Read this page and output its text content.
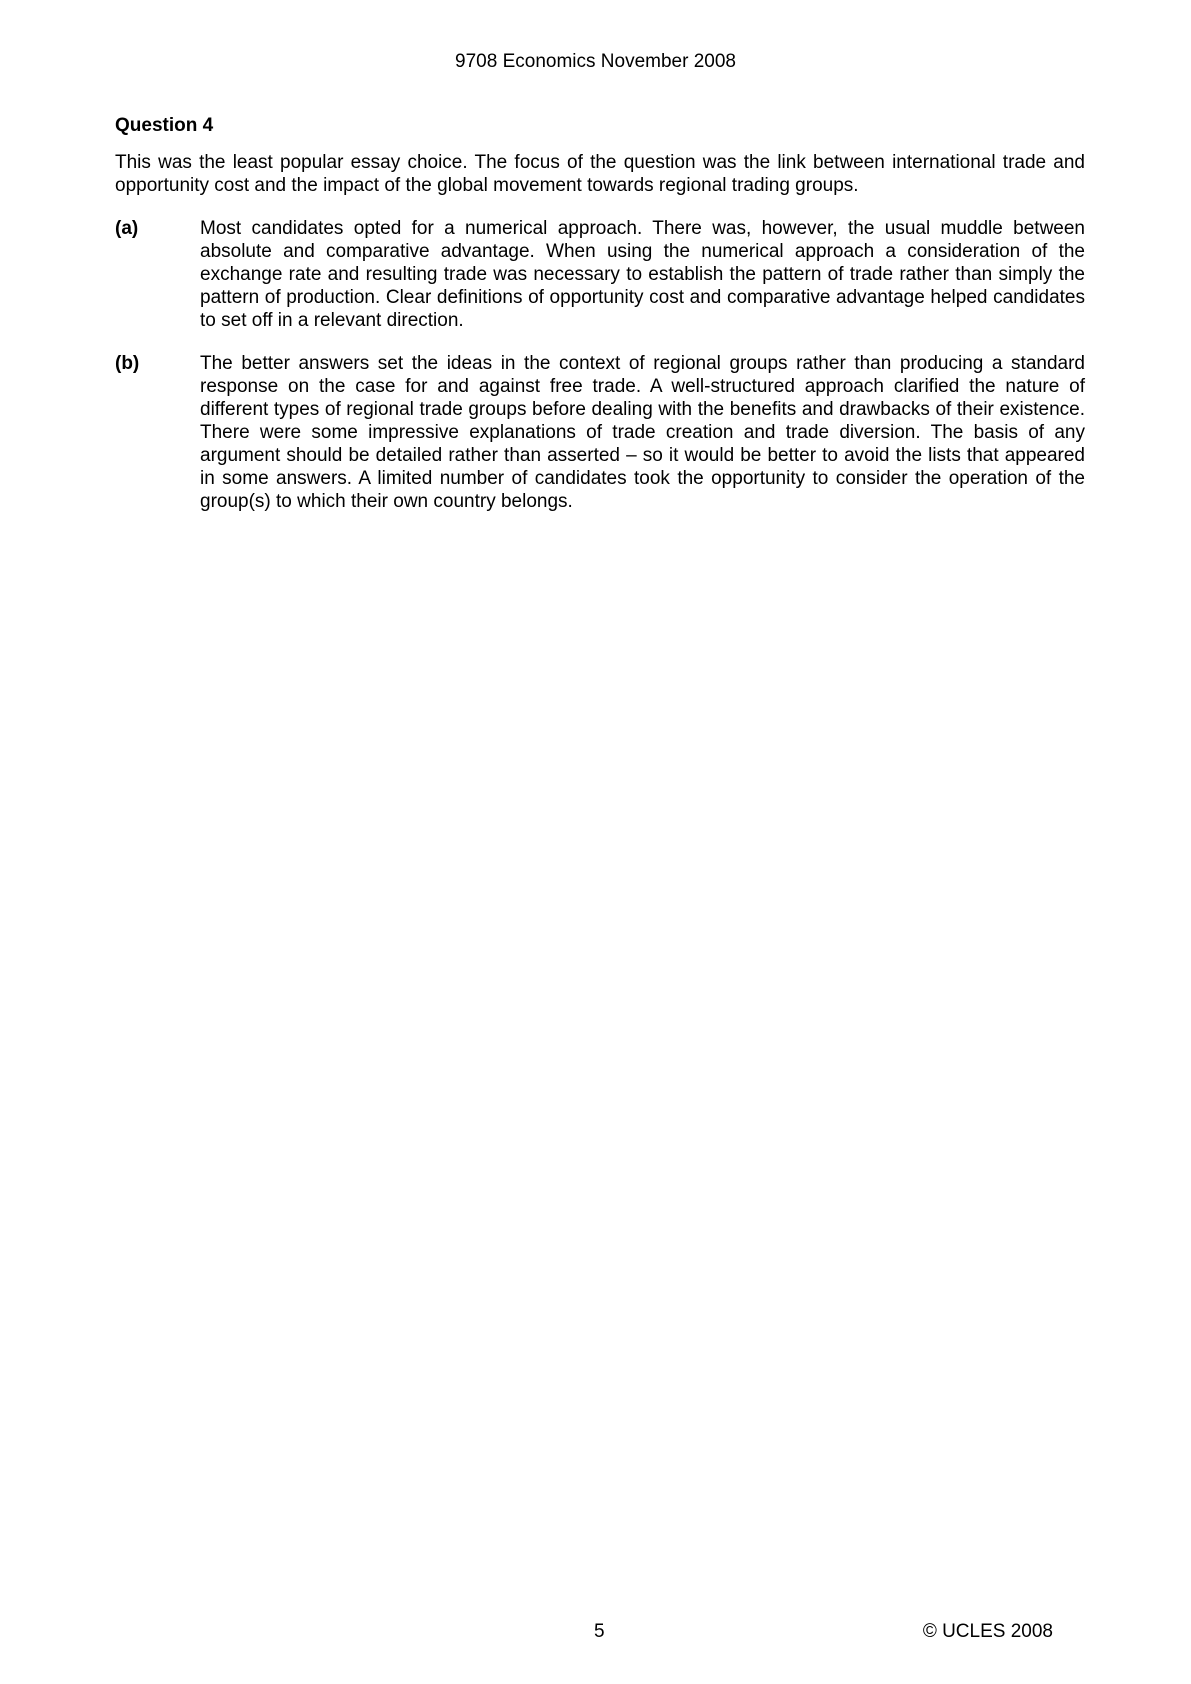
9708 Economics November 2008
Question 4
This was the least popular essay choice. The focus of the question was the link between international trade and opportunity cost and the impact of the global movement towards regional trading groups.
(a)	Most candidates opted for a numerical approach. There was, however, the usual muddle between absolute and comparative advantage. When using the numerical approach a consideration of the exchange rate and resulting trade was necessary to establish the pattern of trade rather than simply the pattern of production. Clear definitions of opportunity cost and comparative advantage helped candidates to set off in a relevant direction.
(b)	The better answers set the ideas in the context of regional groups rather than producing a standard response on the case for and against free trade. A well-structured approach clarified the nature of different types of regional trade groups before dealing with the benefits and drawbacks of their existence. There were some impressive explanations of trade creation and trade diversion. The basis of any argument should be detailed rather than asserted – so it would be better to avoid the lists that appeared in some answers. A limited number of candidates took the opportunity to consider the operation of the group(s) to which their own country belongs.
5	© UCLES 2008
